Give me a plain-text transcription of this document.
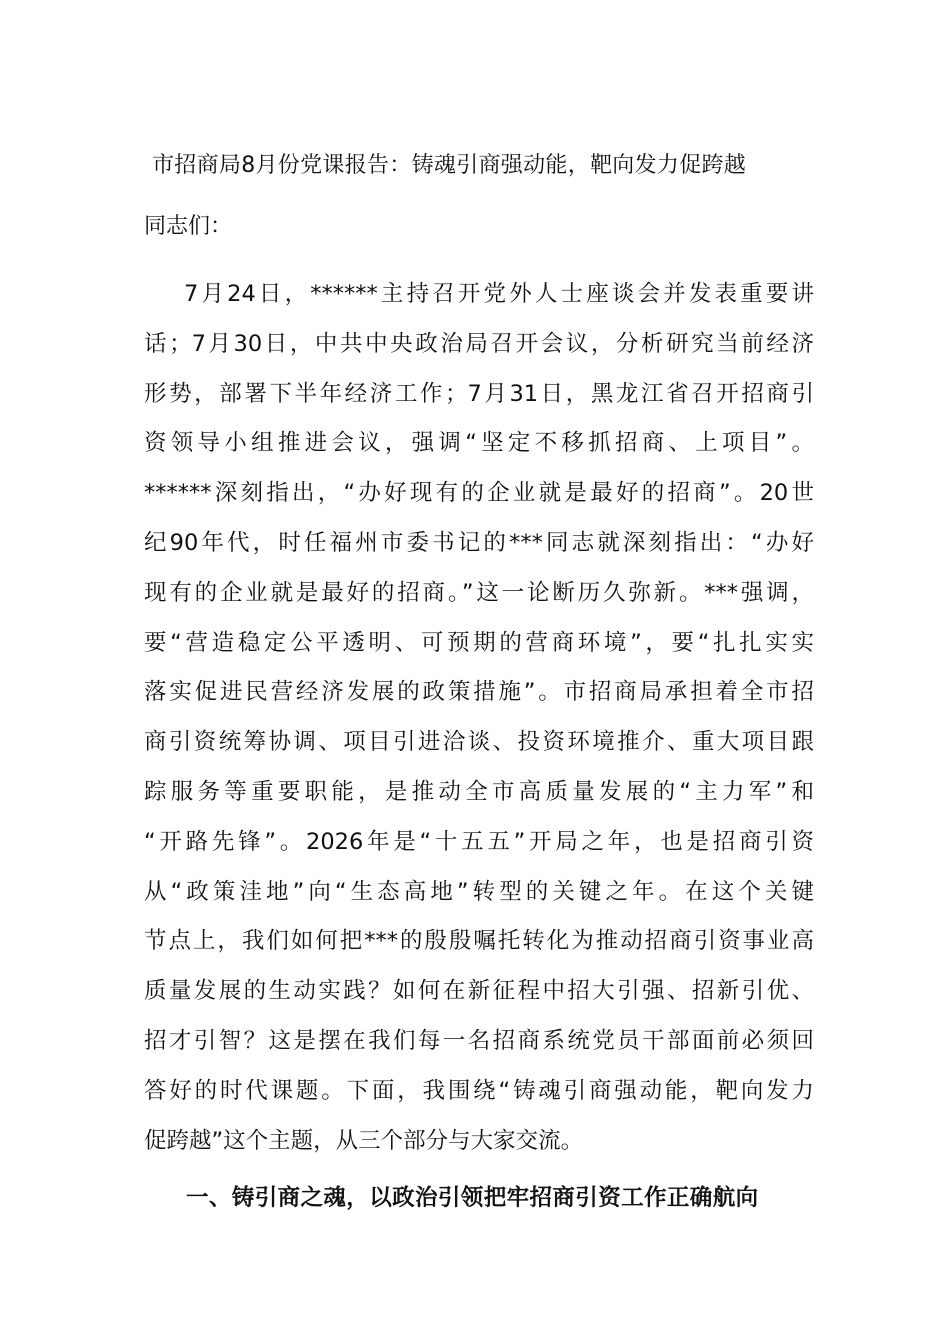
市招商局8月份党课报告：铸魂引商强动能，靶向发力促跨越
同志们：
7月24日，******主持召开党外人士座谈会并发表重要讲
话；7月30日，中共中央政治局召开会议，分析研究当前经济
形势，部署下半年经济工作；7月31日，黑龙江省召开招商引
资领导小组推进会议，强调“坚定不移抓招商、上项目”。
******深刻指出，“办好现有的企业就是最好的招商”。20世
纪90年代，时任福州市委书记的***同志就深刻指出：“办好
现有的企业就是最好的招商。”这一论断历久弥新。***强调，
要“营造稳定公平透明、可预期的营商环境”，要“扎扎实实
落实促进民营经济发展的政策措施”。市招商局承担着全市招
商引资统筹协调、项目引进洽谈、投资环境推介、重大项目跟
踪服务等重要职能，是推动全市高质量发展的“主力军”和
“开路先锋”。2026年是“十五五”开局之年，也是招商引资
从“政策洼地”向“生态高地”转型的关键之年。在这个关键
节点上，我们如何把***的殷殷嘱托转化为推动招商引资事业高
质量发展的生动实践？如何在新征程中招大引强、招新引优、
招才引智？这是摆在我们每一名招商系统党员干部面前必须回
答好的时代课题。下面，我围绕“铸魂引商强动能，靶向发力
促跨越”这个主题，从三个部分与大家交流。
一、铸引商之魂，以政治引领把牢招商引资工作正确航向
